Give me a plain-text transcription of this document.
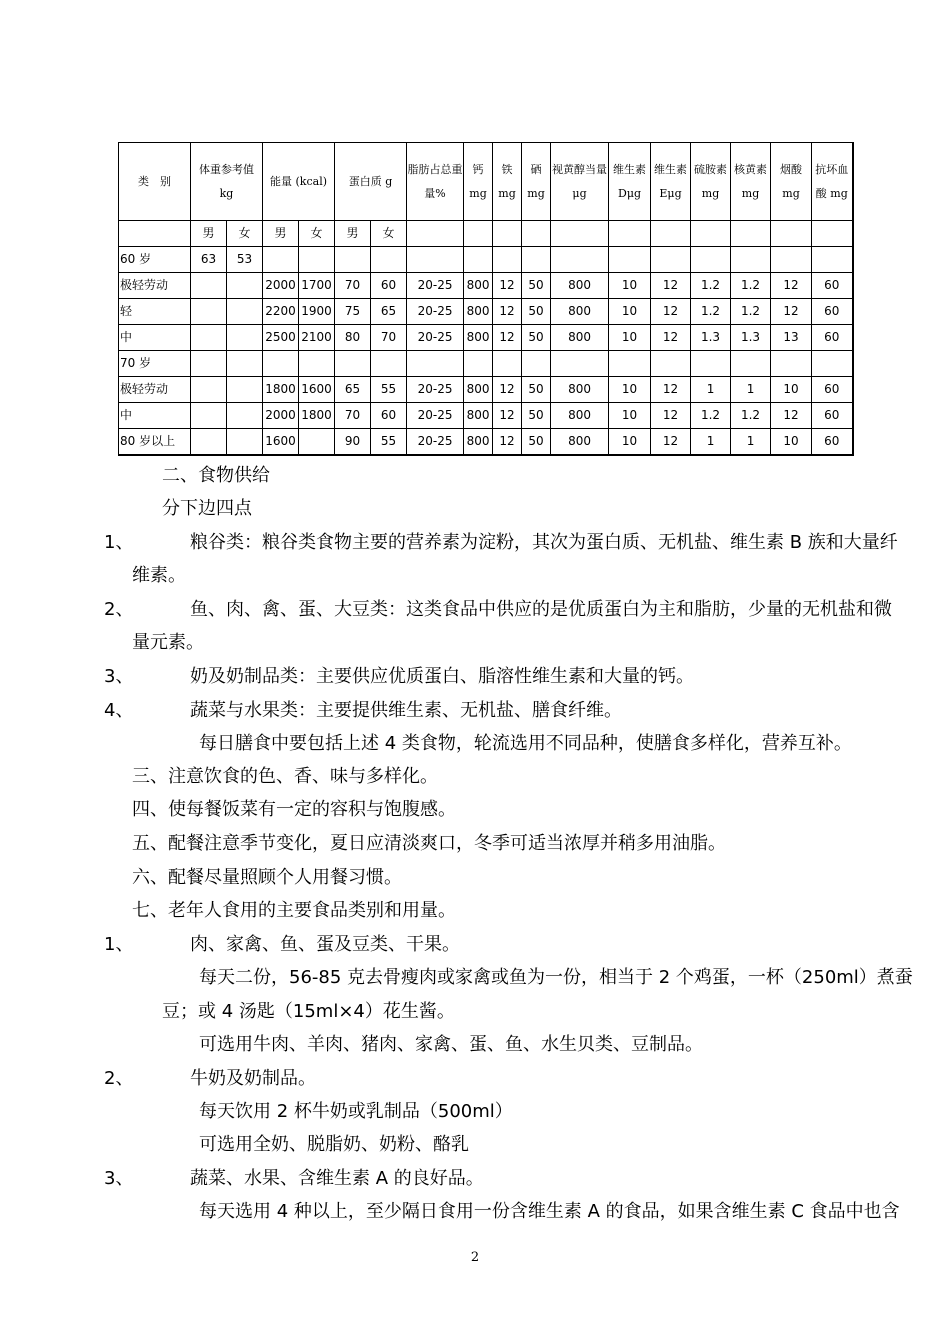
类　别	体重参考值 kg		能量 (kcal)		蛋白质 g		脂肪占总重量%	钙 mg	铁 mg	硒 mg	视黄醇当量μg	维生素 Dμg	维生素 Eμg	硫胺素 mg	核黄素 mg	烟酸 mg	抗坏血酸 mg
	男	女	男	女	男	女											
60 岁	63	53															
极轻劳动			2000	1700	70	60	20-25	800	12	50	800	10	12	1.2	1.2	12	60
轻			2200	1900	75	65	20-25	800	12	50	800	10	12	1.2	1.2	12	60
中			2500	2100	80	70	20-25	800	12	50	800	10	12	1.3	1.3	13	60
70 岁																	
极轻劳动			1800	1600	65	55	20-25	800	12	50	800	10	12	1	1	10	60
中			2000	1800	70	60	20-25	800	12	50	800	10	12	1.2	1.2	12	60
80 岁以上			1600		90	55	20-25	800	12	50	800	10	12	1	1	10	60
二、食物供给
分下边四点
1、	粮谷类：粮谷类食物主要的营养素为淀粉，其次为蛋白质、无机盐、维生素 B 族和大量纤
维素。
2、	鱼、肉、禽、蛋、大豆类：这类食品中供应的是优质蛋白为主和脂肪，少量的无机盐和微
量元素。
3、	奶及奶制品类：主要供应优质蛋白、脂溶性维生素和大量的钙。
4、	蔬菜与水果类：主要提供维生素、无机盐、膳食纤维。
每日膳食中要包括上述 4 类食物，轮流选用不同品种，使膳食多样化，营养互补。
三、注意饮食的色、香、味与多样化。
四、使每餐饭菜有一定的容积与饱腹感。
五、配餐注意季节变化，夏日应清淡爽口，冬季可适当浓厚并稍多用油脂。
六、配餐尽量照顾个人用餐习惯。
七、老年人食用的主要食品类别和用量。
1、	肉、家禽、鱼、蛋及豆类、干果。
每天二份，56-85 克去骨瘦肉或家禽或鱼为一份，相当于 2 个鸡蛋，一杯（250ml）煮蚕
豆；或 4 汤匙（15ml×4）花生酱。
可选用牛肉、羊肉、猪肉、家禽、蛋、鱼、水生贝类、豆制品。
2、	牛奶及奶制品。
每天饮用 2 杯牛奶或乳制品（500ml）
可选用全奶、脱脂奶、奶粉、酪乳
3、	蔬菜、水果、含维生素 A 的良好品。
每天选用 4 种以上，至少隔日食用一份含维生素 A 的食品，如果含维生素 C 食品中也含
2
